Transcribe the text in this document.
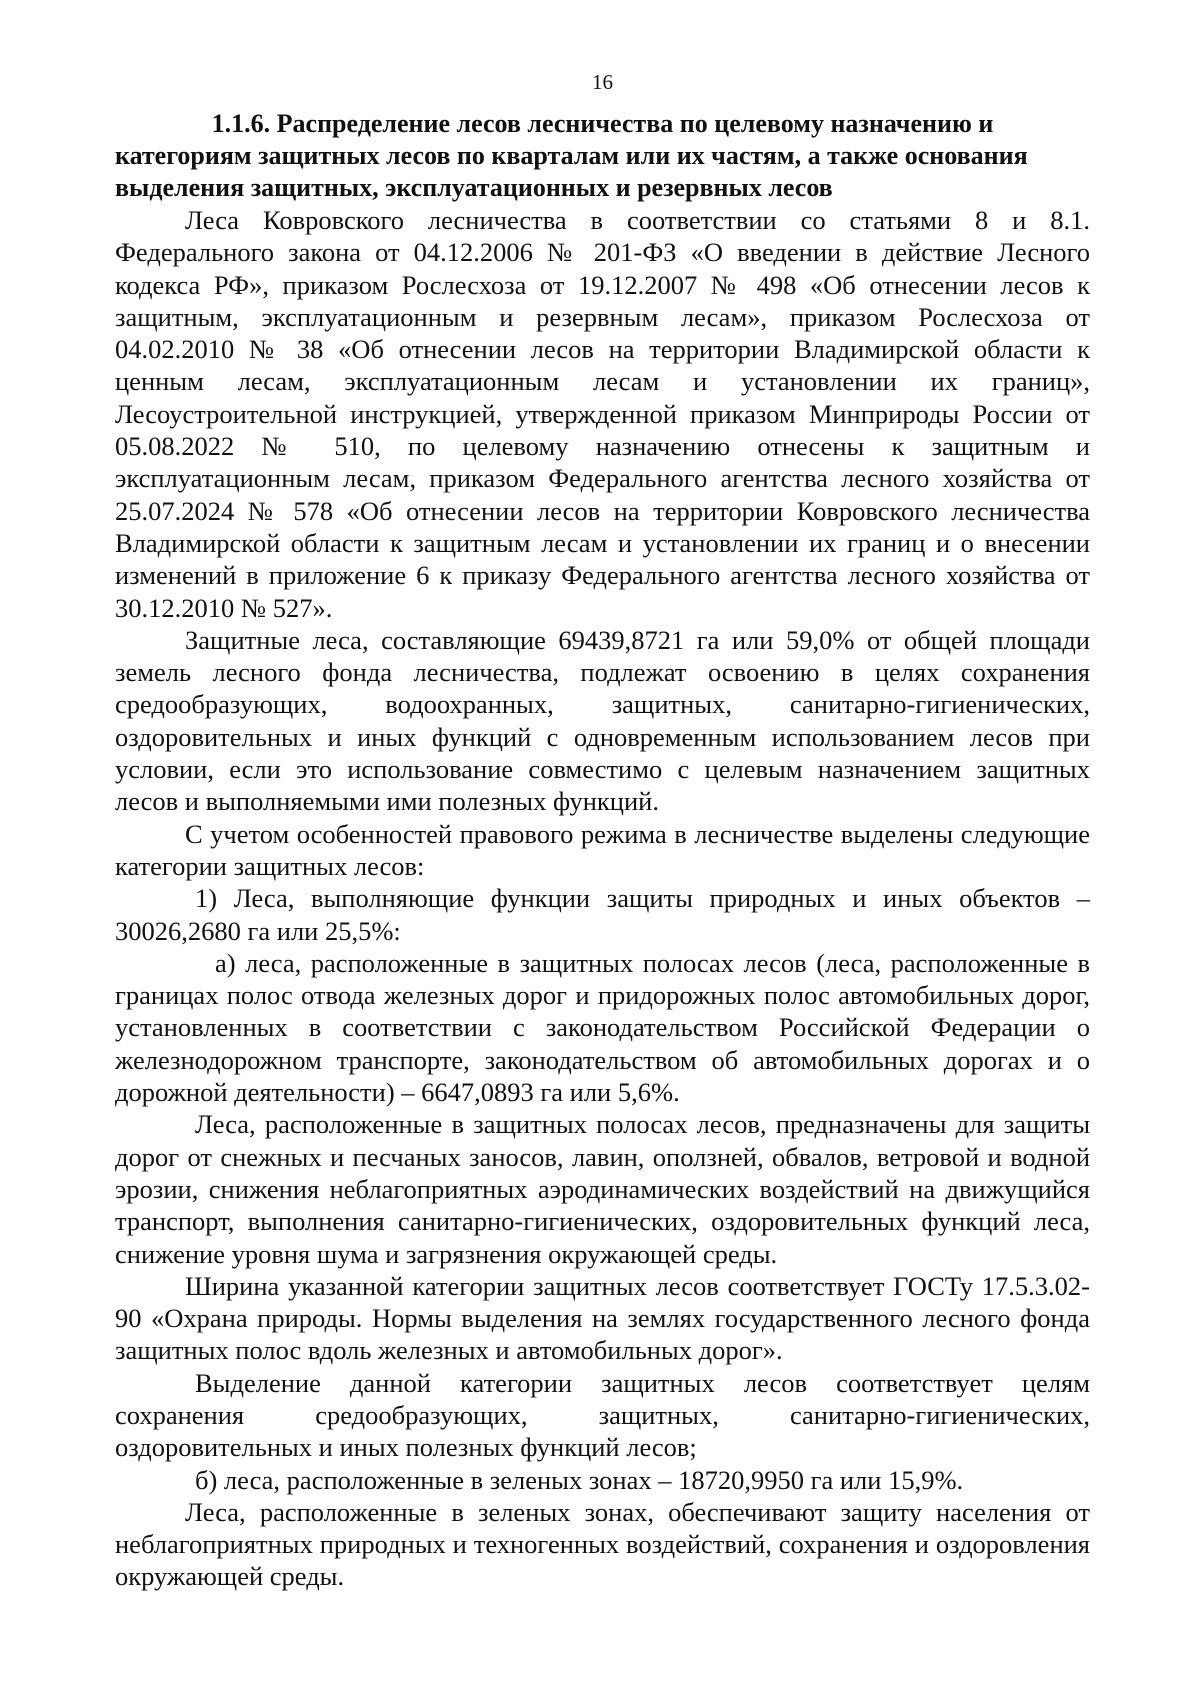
16
1.1.6. Распределение лесов лесничества по целевому назначению и
категориям защитных лесов по кварталам или их частям, а также основания
выделения защитных, эксплуатационных и резервных лесов

Леса Ковровского лесничества в соответствии со статьями 8 и 8.1. Федерального закона от 04.12.2006 № 201-ФЗ «О введении в действие Лесного кодекса РФ», приказом Рослесхоза от 19.12.2007 № 498 «Об отнесении лесов к защитным, эксплуатационным и резервным лесам», приказом Рослесхоза от 04.02.2010 № 38 «Об отнесении лесов на территории Владимирской области к ценным лесам, эксплуатационным лесам и установлении их границ», Лесоустроительной инструкцией, утвержденной приказом Минприроды России от 05.08.2022 № 510, по целевому назначению отнесены к защитным и эксплуатационным лесам, приказом Федерального агентства лесного хозяйства от 25.07.2024 № 578 «Об отнесении лесов на территории Ковровского лесничества Владимирской области к защитным лесам и установлении их границ и о внесении изменений в приложение 6 к приказу Федерального агентства лесного хозяйства от 30.12.2010 № 527».

Защитные леса, составляющие 69439,8721 га или 59,0% от общей площади земель лесного фонда лесничества, подлежат освоению в целях сохранения средообразующих, водоохранных, защитных, санитарно-гигиенических, оздоровительных и иных функций с одновременным использованием лесов при условии, если это использование совместимо с целевым назначением защитных лесов и выполняемыми ими полезных функций.

С учетом особенностей правового режима в лесничестве выделены следующие категории защитных лесов:

1) Леса, выполняющие функции защиты природных и иных объектов – 30026,2680 га или 25,5%:

а) леса, расположенные в защитных полосах лесов (леса, расположенные в границах полос отвода железных дорог и придорожных полос автомобильных дорог, установленных в соответствии с законодательством Российской Федерации о железнодорожном транспорте, законодательством об автомобильных дорогах и о дорожной деятельности) – 6647,0893 га или 5,6%.

Леса, расположенные в защитных полосах лесов, предназначены для защиты дорог от снежных и песчаных заносов, лавин, оползней, обвалов, ветровой и водной эрозии, снижения неблагоприятных аэродинамических воздействий на движущийся транспорт, выполнения санитарно-гигиенических, оздоровительных функций леса, снижение уровня шума и загрязнения окружающей среды.

Ширина указанной категории защитных лесов соответствует ГОСТу 17.5.3.02-90 «Охрана природы. Нормы выделения на землях государственного лесного фонда защитных полос вдоль железных и автомобильных дорог».

Выделение данной категории защитных лесов соответствует целям сохранения средообразующих, защитных, санитарно-гигиенических, оздоровительных и иных полезных функций лесов;

б) леса, расположенные в зеленых зонах – 18720,9950 га или 15,9%.

Леса, расположенные в зеленых зонах, обеспечивают защиту населения от неблагоприятных природных и техногенных воздействий, сохранения и оздоровления окружающей среды.
